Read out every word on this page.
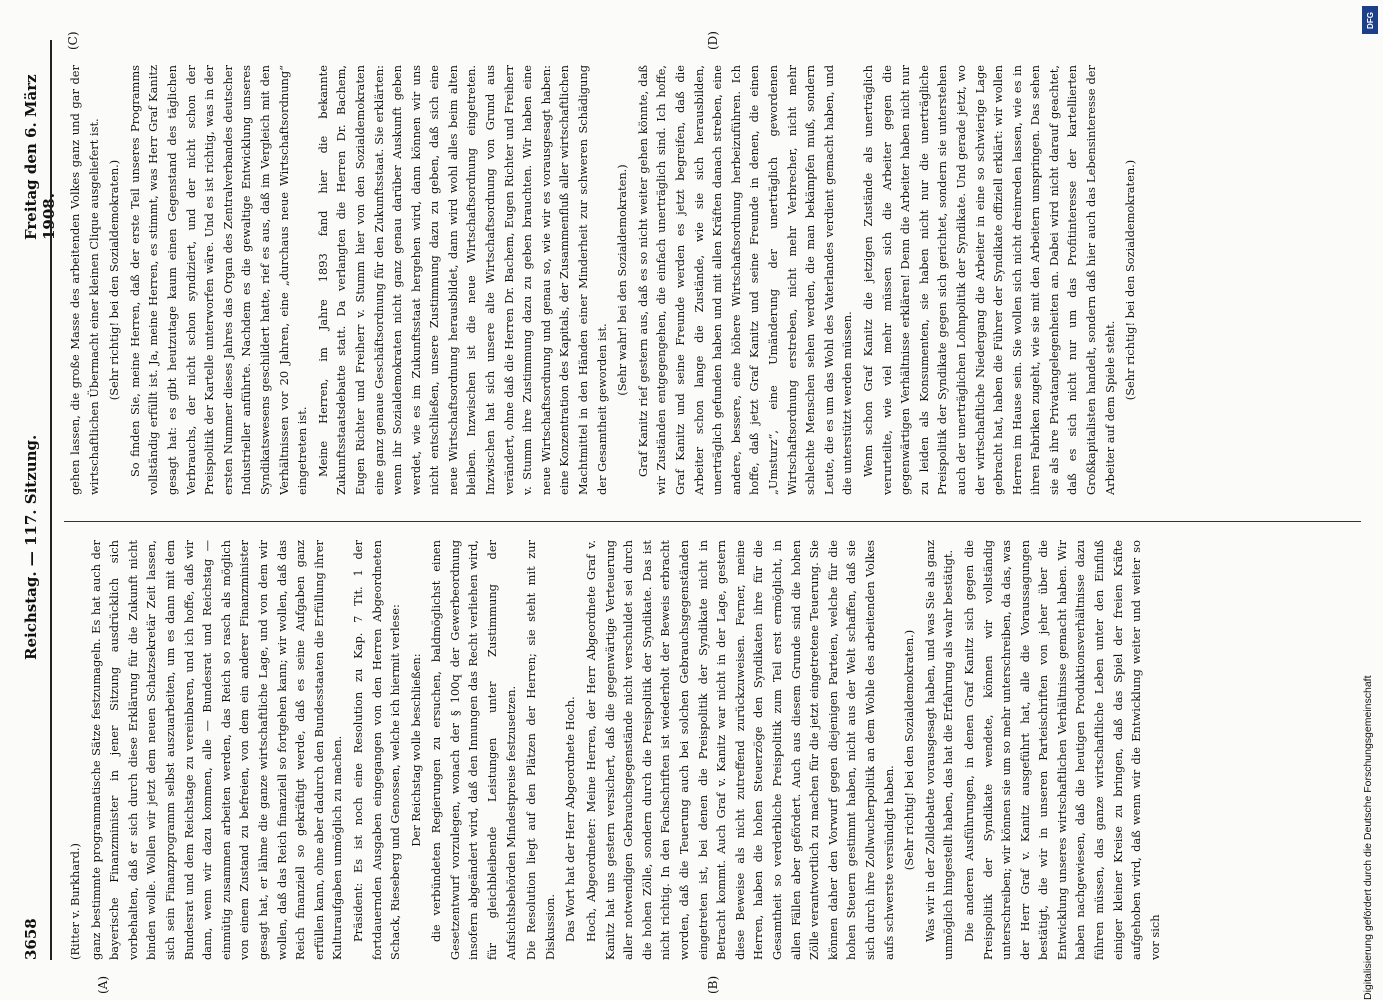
3658
Reichstag. — 117. Sitzung.
Freitag den 6. März 1908.
(A)	(B)
(C)	(D)

(Ritter v. Burkhard.) ganz bestimmte programmatische Sätze festzumageln. Es hat auch der bayerische Finanzminister in jener Sitzung ausdrücklich sich vorbehalten, daß er sich durch diese Erklärung für die Zukunft nicht binden wolle. Wollen wir jetzt dem neuen Schatzsekretär Zeit lassen, sich sein Finanzprogramm selbst auszuarbeiten, um es dann mit dem Bundesrat und dem Reichstage zu vereinbaren, und ich hoffe, daß wir dann, wenn wir dazu kommen, alle — Bundesrat und Reichstag — einmütig zusammen arbeiten werden, das Reich so rasch als möglich von einem Zustand zu befreien, von dem ein anderer Finanzminister gesagt hat, er lähme die ganze wirtschaftliche Lage, und von dem wir wollen, daß das Reich finanziell so fortgehen kann; wir wollen, daß das Reich finanziell so gekräftigt werde, daß es seine Aufgaben ganz erfüllen kann, ohne aber dadurch den Bundesstaaten die Erfüllung ihrer Kulturaufgaben unmöglich zu machen. Präsident: Es ist noch eine Resolution zu Kap. 7 Tit. 1 der fortdauernden Ausgaben eingegangen von den Herren Abgeordneten Schack, Rieseberg und Genossen, welche ich hiermit verlese: Der Reichstag wolle beschließen: die verbündeten Regierungen zu ersuchen, baldmöglichst einen Gesetzentwurf vorzulegen, wonach der § 100q der Gewerbeordnung insofern abgeändert wird, daß den Innungen das Recht verliehen wird, für gleichbleibende Leistungen unter Zustimmung der Aufsichtsbehörden Mindestpreise festzusetzen. Die Resolution liegt auf den Plätzen der Herren; sie steht mit zur Diskussion. Das Wort hat der Herr Abgeordnete Hoch. Hoch, Abgeordneter: Meine Herren, der Herr Abgeordnete Graf v. Kanitz hat uns gestern versichert, daß die gegenwärtige Verteuerung aller notwendigen Gebrauchsgegenstände nicht verschuldet sei durch die hohen Zölle, sondern durch die Preispolitik der Syndikate. Das ist nicht richtig. In den Fachschriften ist wiederholt der Beweis erbracht worden, daß die Teuerung auch bei solchen Gebrauchsgegenständen eingetreten ist, bei denen die Preispolitik der Syndikate nicht in Betracht kommt. Auch Graf v. Kanitz war nicht in der Lage, gestern diese Beweise als nicht zutreffend zurückzuweisen. Ferner, meine Herren, haben die hohen Steuerzöge den Syndikaten ihre für die Gesamtheit so verderbliche Preispolitik zum Teil erst ermöglicht, in allen Fällen aber gefördert. Auch aus diesem Grunde sind die hohen Zölle verantwortlich zu machen für die jetzt eingetretene Teuerung. Sie können daher den Vorwurf gegen diejenigen Parteien, welche für die hohen Steuern gestimmt haben, nicht aus der Welt schaffen, daß sie sich durch ihre Zollwucherpolitik an dem Wohle des arbeitenden Volkes aufs schwerste versündigt haben. (Sehr richtig! bei den Sozialdemokraten.) Was wir in der Zolldebatte vorausgesagt haben, und was Sie als ganz unmöglich hingestellt haben, das hat die Erfahrung als wahr bestätigt. Die anderen Ausführungen, in denen Graf Kanitz sich gegen die Preispolitik der Syndikate wendete, können wir vollständig unterschreiben; wir können sie um so mehr unterschreiben, da das, was der Herr Graf v. Kanitz ausgeführt hat, alle die Voraussagungen bestätigt, die wir in unseren Parteischriften von jeher über die Entwicklung unseres wirtschaftlichen Verhältnisse gemacht haben. Wir haben nachgewiesen, daß die heutigen Produktionsverhältnisse dazu führen müssen, das ganze wirtschaftliche Leben unter den Einfluß einiger kleiner Kreise zu bringen, daß das Spiel der freien Kräfte aufgehoben wird, daß wenn wir die Entwicklung weiter und weiter so vor sich

gehen lassen, die große Masse des arbeitenden Volkes ganz und gar der wirtschaftlichen Übermacht einer kleinen Clique ausgeliefert ist. (Sehr richtig! bei den Sozialdemokraten.) So finden Sie, meine Herren, daß der erste Teil unseres Programms vollständig erfüllt ist. Ja, meine Herren, es stimmt, was Herr Graf Kanitz gesagt hat: es gibt heutzutage kaum einen Gegenstand des täglichen Verbrauchs, der nicht schon syndiziert, und der nicht schon der Preispolitik der Kartelle unterworfen wäre. Und es ist richtig, was in der ersten Nummer dieses Jahres das Organ des Zentralverbandes deutscher Industrieller anführte. Nachdem es die gewaltige Entwicklung unseres Syndikatswesens geschildert hatte, rief es aus, daß im Vergleich mit den Verhältnissen vor 20 Jahren, eine „durchaus neue Wirtschaftsordnung“ eingetreten ist. Meine Herren, im Jahre 1893 fand hier die bekannte Zukunftsstaatsdebatte statt. Da verlangten die Herren Dr. Bachem, Eugen Richter und Freiherr v. Stumm hier von den Sozialdemokraten eine ganz genaue Geschäftsordnung für den Zukunftsstaat. Sie erklärten: wenn ihr Sozialdemokraten nicht ganz genau darüber Auskunft geben werdet, wie es im Zukunftsstaat hergehen wird, dann können wir uns nicht entschließen, unsere Zustimmung dazu zu geben, daß sich eine neue Wirtschaftsordnung herausbildet, dann wird wohl alles beim alten bleiben. Inzwischen ist die neue Wirtschaftsordnung eingetreten. Inzwischen hat sich unsere alte Wirtschaftsordnung von Grund aus verändert, ohne daß die Herren Dr. Bachem, Eugen Richter und Freiherr v. Stumm ihre Zustimmung dazu zu geben brauchten. Wir haben eine neue Wirtschaftsordnung und genau so, wie wir es vorausgesagt haben: eine Konzentration des Kapitals, der Zusammenfluß aller wirtschaftlichen Machtmittel in den Händen einer Minderheit zur schweren Schädigung der Gesamtheit geworden ist.

(Sehr wahr! bei den Sozialdemokraten.) Graf Kanitz rief gestern aus, daß es so nicht weiter gehen könnte, daß wir Zuständen entgegengehen, die einfach unerträglich sind. Ich hoffe, Graf Kanitz und seine Freunde werden es jetzt begreifen, daß die Arbeiter schon lange die Zustände, wie sie sich herausbilden, unerträglich gefunden haben und mit allen Kräften danach streben, eine andere, bessere, eine höhere Wirtschaftsordnung herbeizuführen. Ich hoffe, daß jetzt Graf Kanitz und seine Freunde in denen, die einen „Umsturz“, eine Umänderung der unerträglich gewordenen Wirtschaftsordnung erstreben, nicht mehr Verbrecher, nicht mehr schlechte Menschen sehen werden, die man bekämpfen muß, sondern Leute, die es um das Wohl des Vaterlandes verdient gemacht haben, und die unterstützt werden müssen. Wenn schon Graf Kanitz die jetzigen Zustände als unerträglich verurteilte, wie viel mehr müssen sich die Arbeiter gegen die gegenwärtigen Verhältnisse erklären! Denn die Arbeiter haben nicht nur zu leiden als Konsumenten, sie haben nicht nur die unerträgliche Preispolitik der Syndikate gegen sich gerichtet, sondern sie unterstehen auch der unerträglichen Lohnpolitik der Syndikate. Und gerade jetzt, wo der wirtschaftliche Niedergang die Arbeiter in eine so schwierige Lage gebracht hat, haben die Führer der Syndikate offiziell erklärt: wir wollen Herren im Hause sein. Sie wollen sich nicht dreinreden lassen, wie es in ihren Fabriken zugeht, wie sie mit den Arbeitern umspringen. Das sehen sie als ihre Privatangelegenheiten an. Dabei wird nicht darauf geachtet, daß es sich nicht nur um das Profitinteresse der kartellierten Großkapitalisten handelt, sondern daß hier auch das Lebensinteresse der Arbeiter auf dem Spiele steht.

(Sehr richtig! bei den Sozialdemokraten.)

Digitalisierung gefördert durch die Deutsche Forschungsgemeinschaft
DFG
